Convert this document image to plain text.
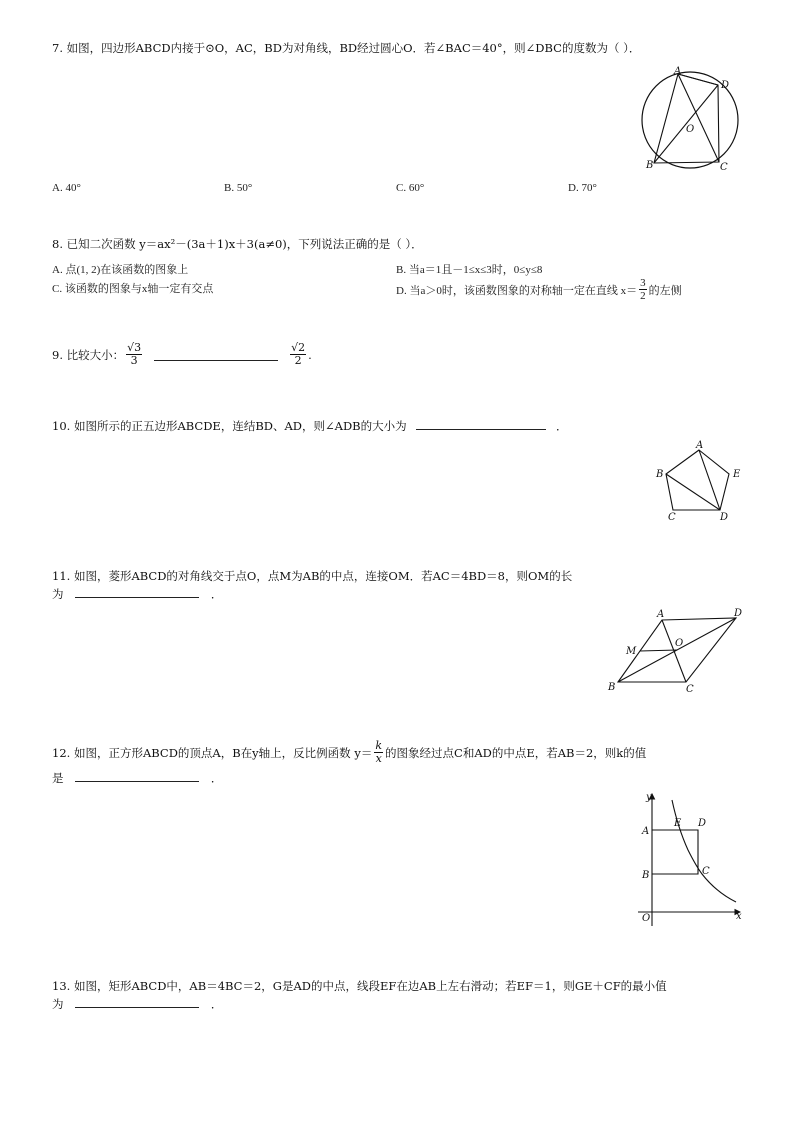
7. 如图，四边形ABCD内接于⊙O，AC，BD为对角线，BD经过圆心O．若∠BAC＝40°，则∠DBC的度数为（ ）．
A
D
O
B	C
A. 40°	B. 50°	C. 60°	D. 70°
8. 已知二次函数 y＝ax²－(3a＋1)x＋3(a≠0)，下列说法正确的是（ ）．
A. 点(1, 2)在该函数的图象上	B. 当a＝1且－1≤x≤3时，0≤y≤8
C. 该函数的图象与x轴一定有交点	D. 当a＞0时，该函数图象的对称轴一定在直线 $x= \frac{3}{2}$ 的左侧
9. 比较大小： $\frac{√3}{3}$	$\frac{√2}{2}$ .
10. 如图所示的正五边形ABCDE，连结BD、AD，则∠ADB的大小为	．
A
B	E
C	D
11. 如图，菱形ABCD的对角线交于点O，点M为AB的中点，连接OM．若AC＝4BD＝8，则OM的长
为	．
A	D
O
M
B	C
12. 如图，正方形ABCD的顶点A，B在y轴上，反比例函数 $y= \frac{k}{x}$ 的图象经过点C和AD的中点E，若AB＝2，则k的值
是	．
y
x
O
A
B
E D
C
13. 如图，矩形ABCD中，AB＝4BC＝2，G是AD的中点，线段EF在边AB上左右滑动；若EF＝1，则GE＋CF的最小值
为	．
